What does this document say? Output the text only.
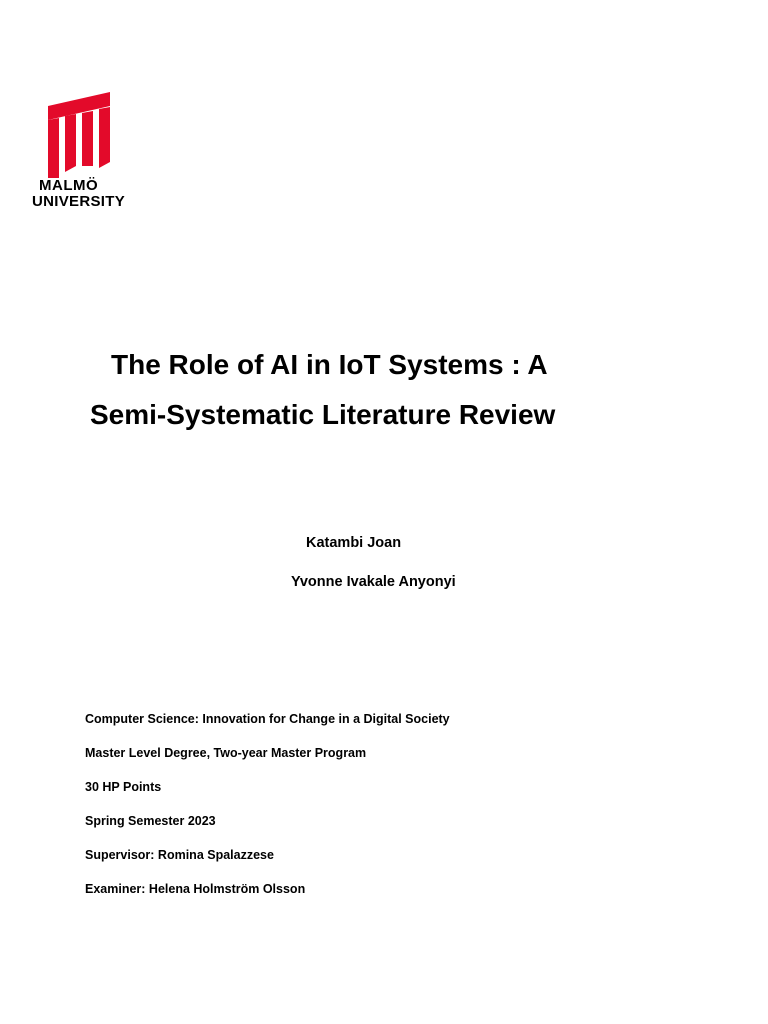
MALMÖ
UNIVERSITY
The Role of AI in IoT Systems : A
Semi-Systematic Literature Review
Katambi Joan
Yvonne Ivakale Anyonyi
Computer Science: Innovation for Change in a Digital Society
Master Level Degree, Two-year Master Program
30 HP Points
Spring Semester 2023
Supervisor: Romina Spalazzese
Examiner: Helena Holmström Olsson
